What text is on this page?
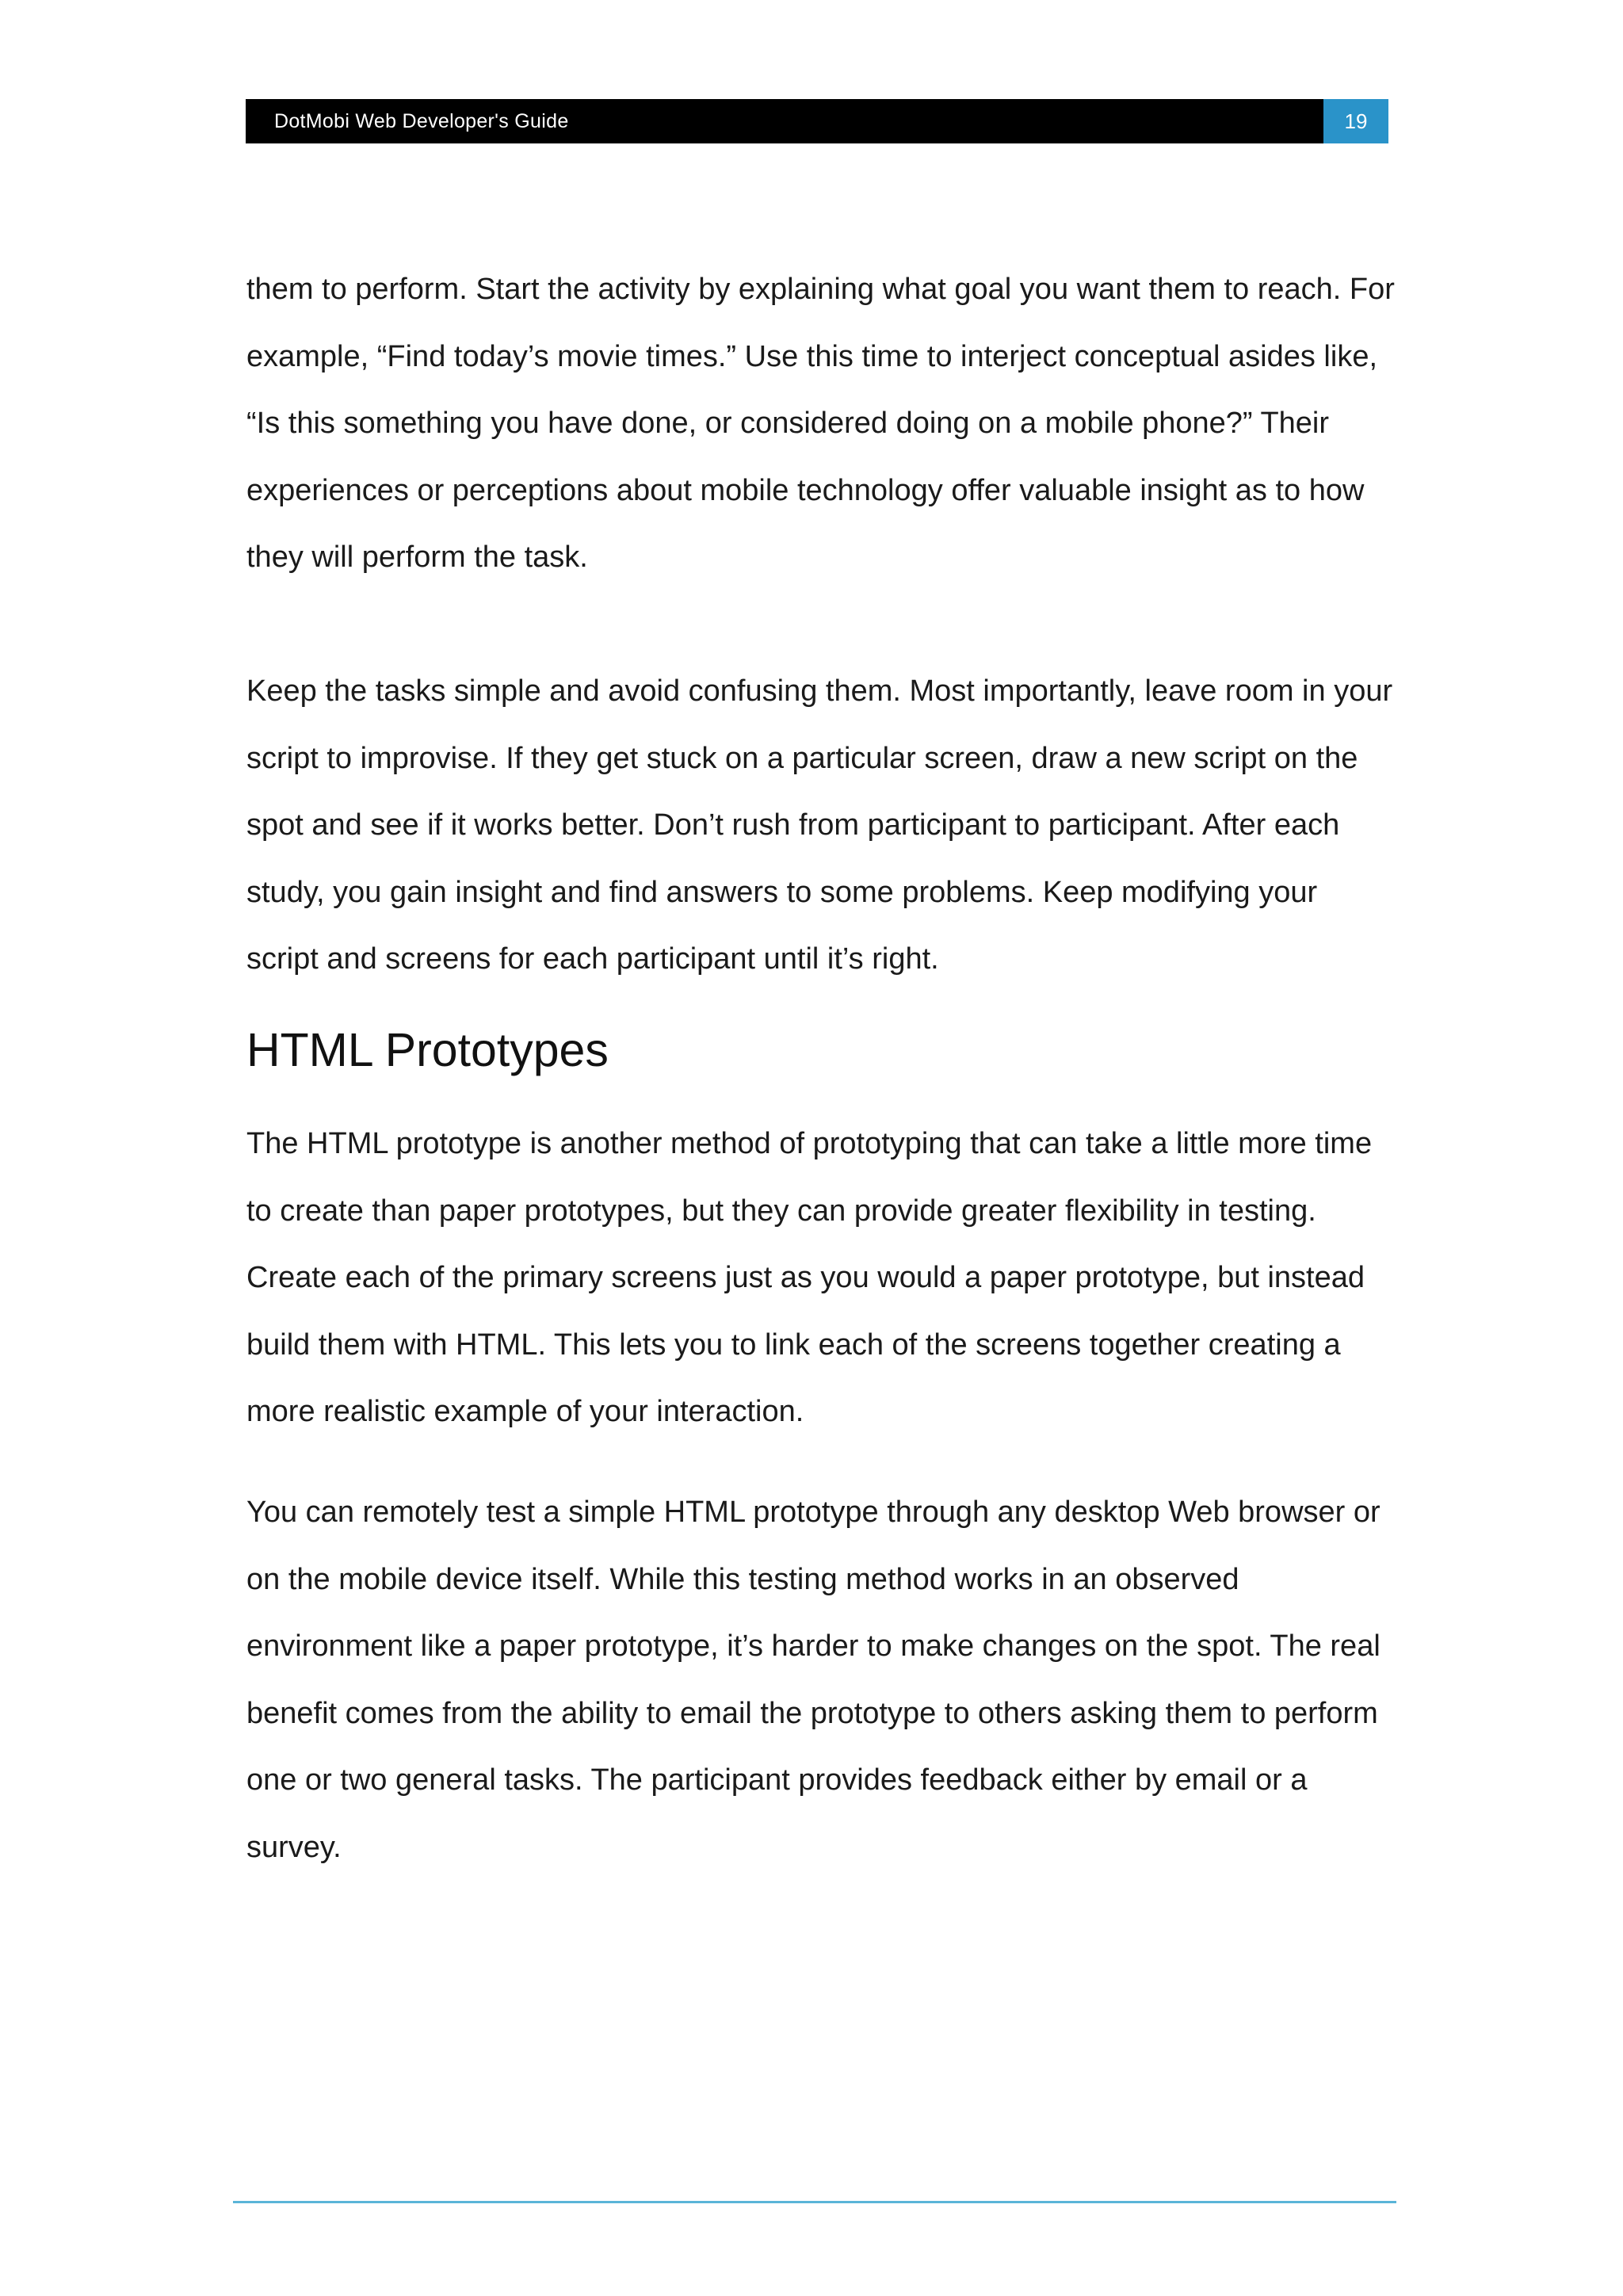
DotMobi Web Developer's Guide	19

them to perform. Start the activity by explaining what goal you want them to reach. For example, “Find today’s movie times.” Use this time to interject conceptual asides like, “Is this something you have done, or considered doing on a mobile phone?” Their experiences or perceptions about mobile technology offer valuable insight as to how they will perform the task.

Keep the tasks simple and avoid confusing them. Most importantly, leave room in your script to improvise. If they get stuck on a particular screen, draw a new script on the spot and see if it works better. Don’t rush from participant to participant. After each study, you gain insight and find answers to some problems. Keep modifying your script and screens for each participant until it’s right.

HTML Prototypes

The HTML prototype is another method of prototyping that can take a little more time to create than paper prototypes, but they can provide greater flexibility in testing. Create each of the primary screens just as you would a paper prototype, but instead build them with HTML. This lets you to link each of the screens together creating a more realistic example of your interaction.

You can remotely test a simple HTML prototype through any desktop Web browser or on the mobile device itself. While this testing method works in an observed environment like a paper prototype, it’s harder to make changes on the spot. The real benefit comes from the ability to email the prototype to others asking them to perform one or two general tasks. The participant provides feedback either by email or a survey.
